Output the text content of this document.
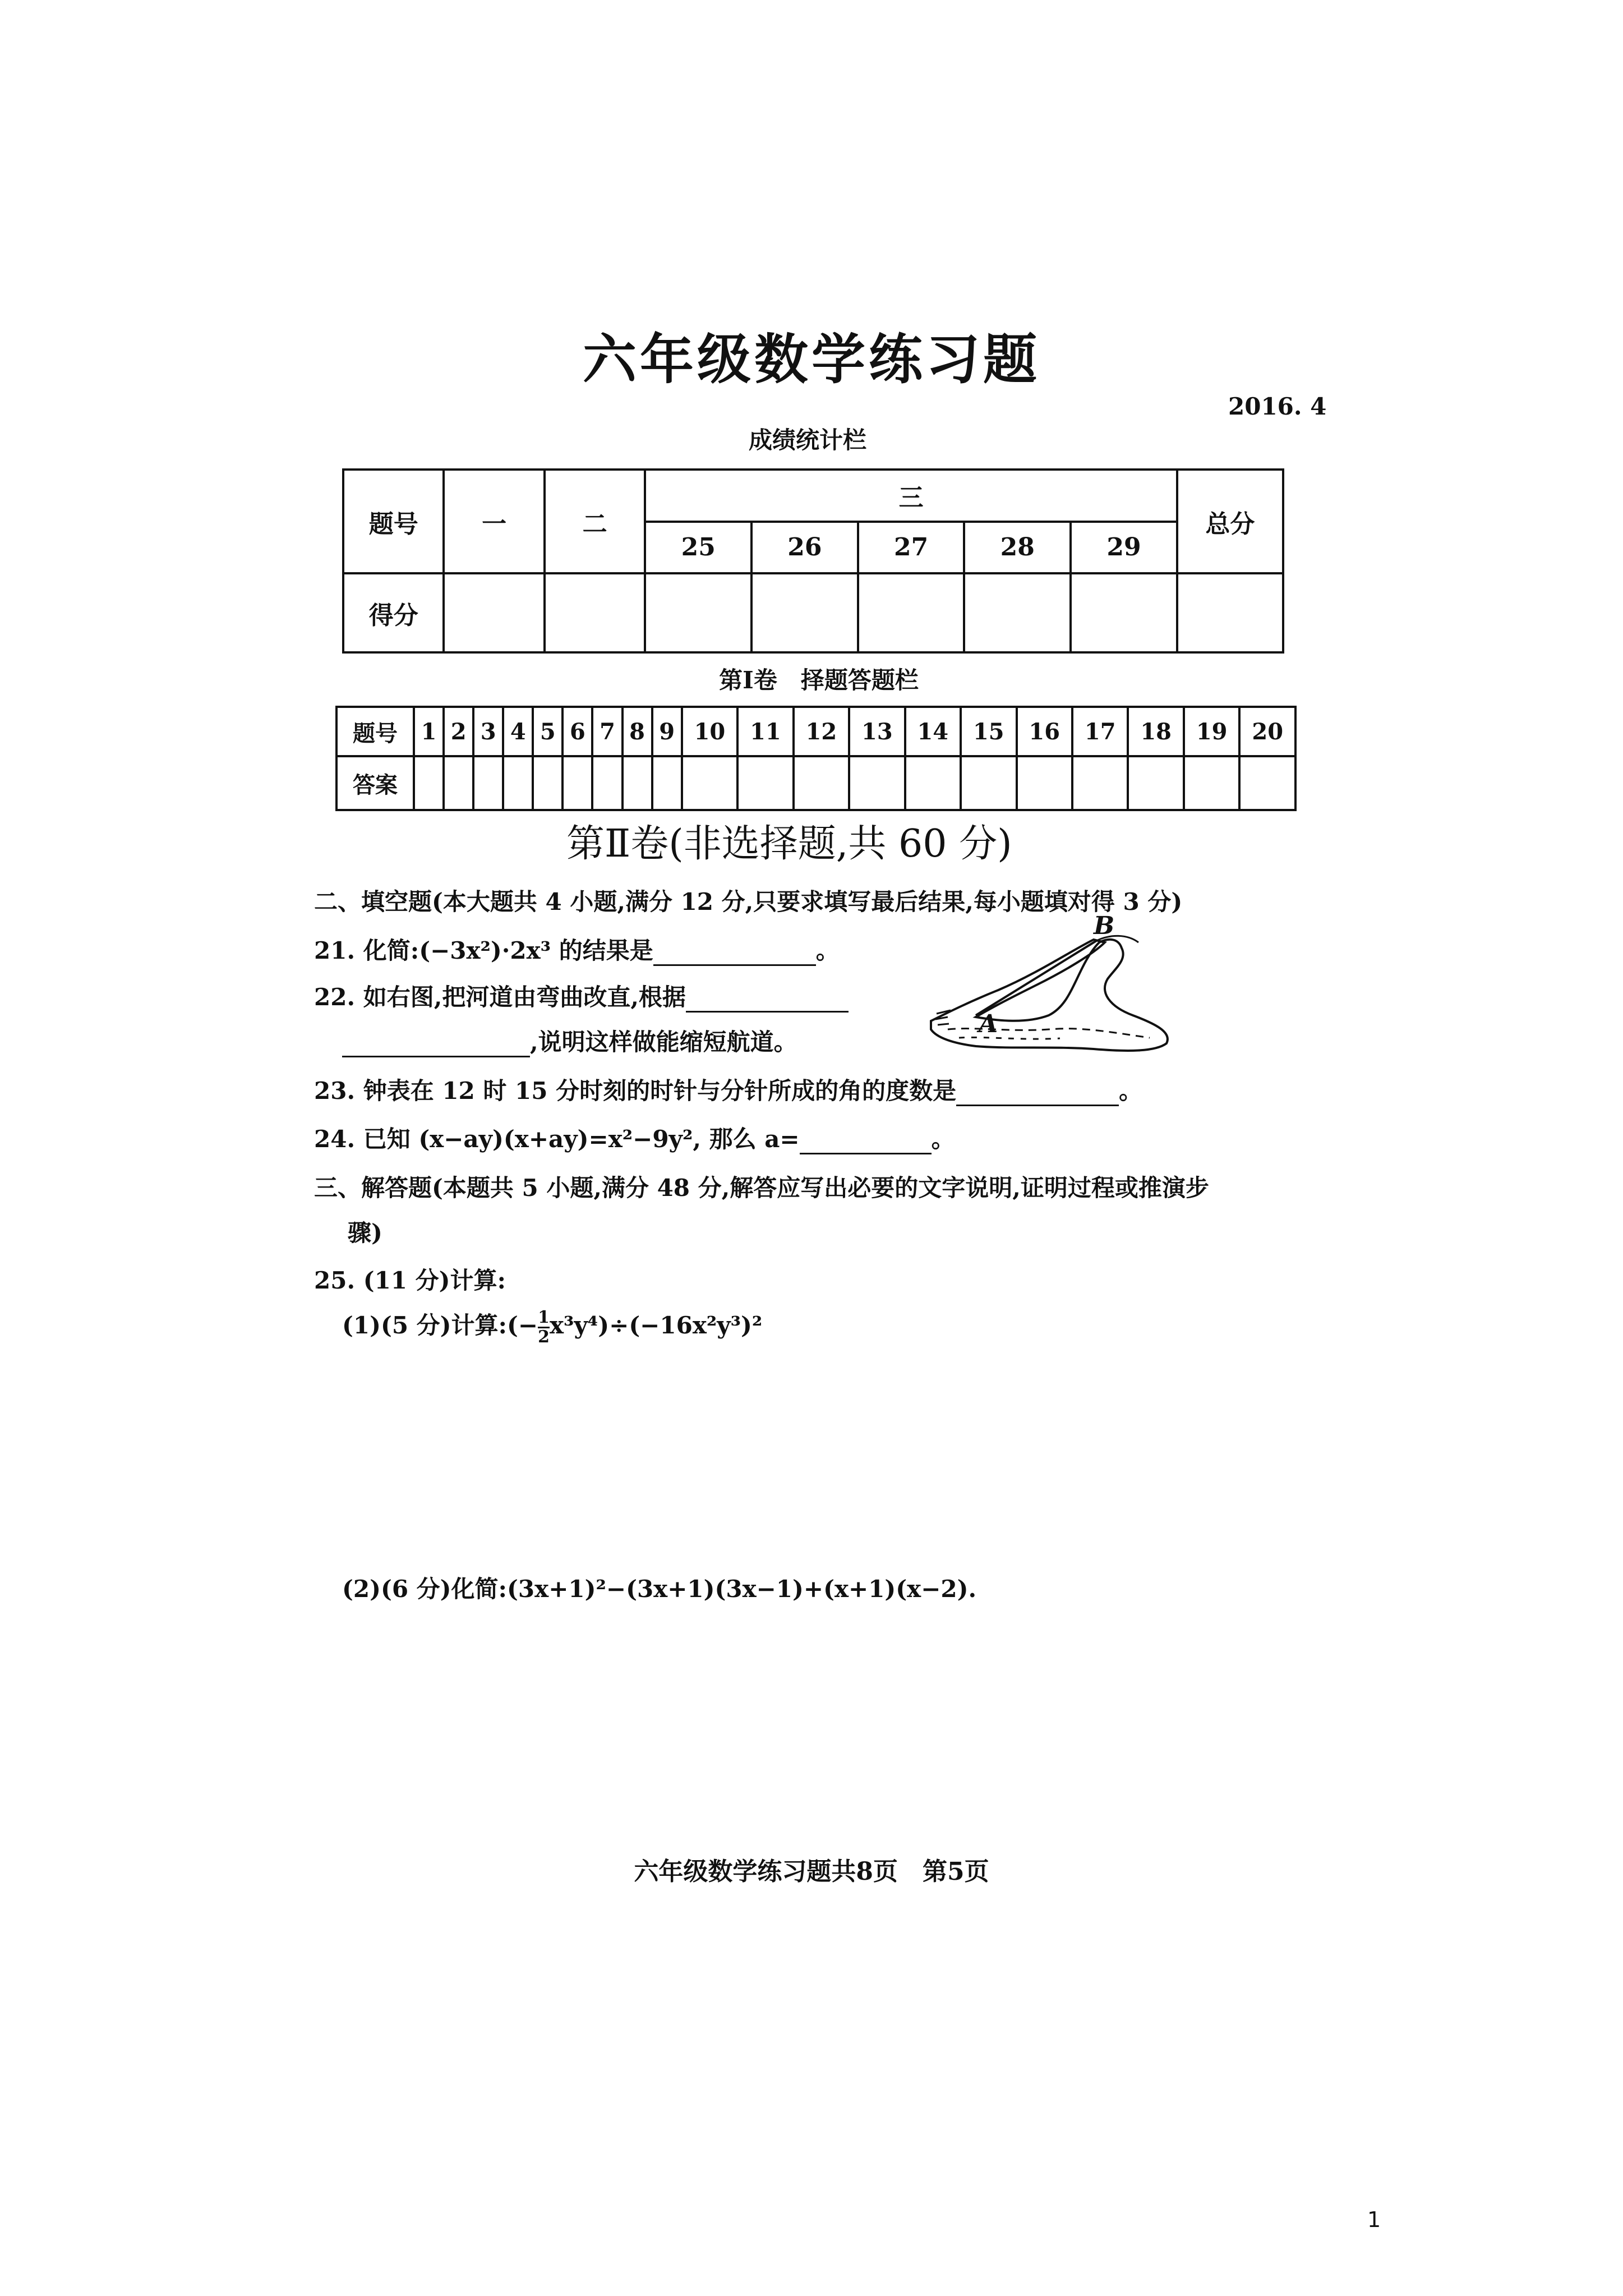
六年级数学练习题
2016. 4
成绩统计栏
题号	一	二	三					总分
			25	26	27	28	29	
得分								
第Ⅰ卷　择题答题栏
题号	1	2	3	4	5	6	7	8	9	10	11	12	13	14	15	16	17	18	19	20
答案																				
第Ⅱ卷(非选择题,共 60 分)
二、填空题(本大题共 4 小题,满分 12 分,只要求填写最后结果,每小题填对得 3 分)
21. 化简:(−3x²)·2x³ 的结果是	。
22. 如右图,把河道由弯曲改直,根据
,说明这样做能缩短航道。
A
B
23. 钟表在 12 时 15 分时刻的时针与分针所成的角的度数是	。
24. 已知 (x−ay)(x+ay)=x²−9y², 那么 a=	。
三、解答题(本题共 5 小题,满分 48 分,解答应写出必要的文字说明,证明过程或推演步
骤)
25. (11 分)计算:
(1)(5 分)计算:(− $\frac{1}{2} x^3y^4)\div(-16x^2y^3)^2$
(2)(6 分)化简:(3x+1)²−(3x+1)(3x−1)+(x+1)(x−2).
六年级数学练习题共8页　第5页
1
